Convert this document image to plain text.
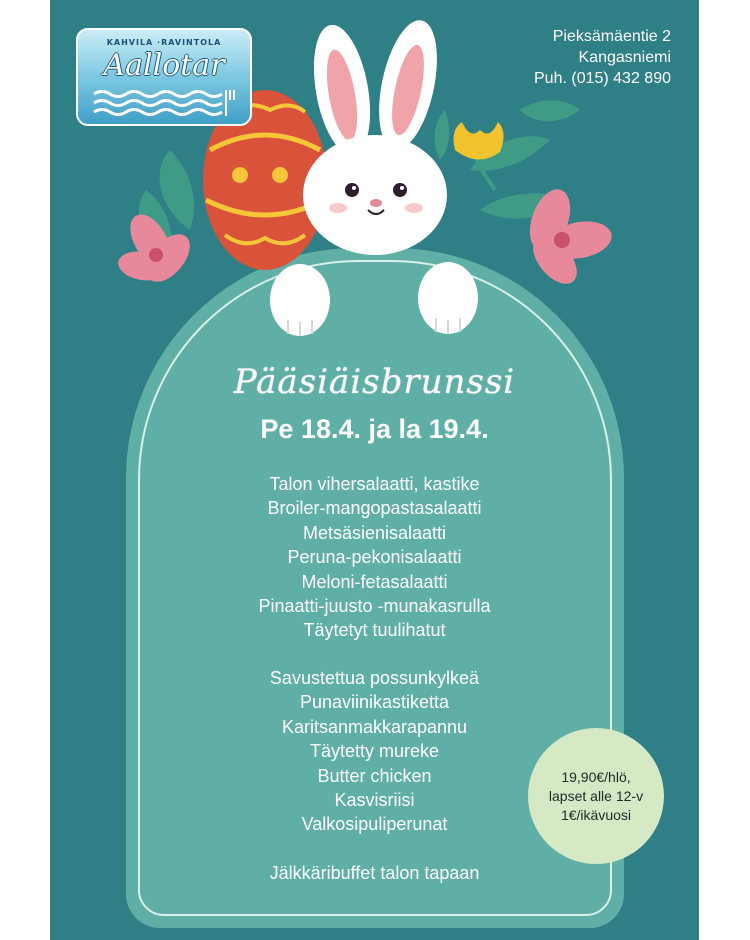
KAHVILA ·RAVINTOLA
Aallotar
Pieksämäentie 2
Kangasniemi
Puh. (015) 432 890
Pääsiäisbrunssi
Pe 18.4. ja la 19.4.
Talon vihersalaatti, kastike
Broiler-mangopastasalaatti
Metsäsienisalaatti
Peruna-pekonisalaatti
Meloni-fetasalaatti
Pinaatti-juusto -munakasrulla
Täytetyt tuulihatut
Savustettua possunkylkeä
Punaviinikastiketta
Karitsanmakkarapannu
Täytetty mureke
Butter chicken
Kasvisriisi
Valkosipuliperunat
Jälkkäribuffet talon tapaan
19,90€/hlö,
lapset alle 12-v
1€/ikävuosi
